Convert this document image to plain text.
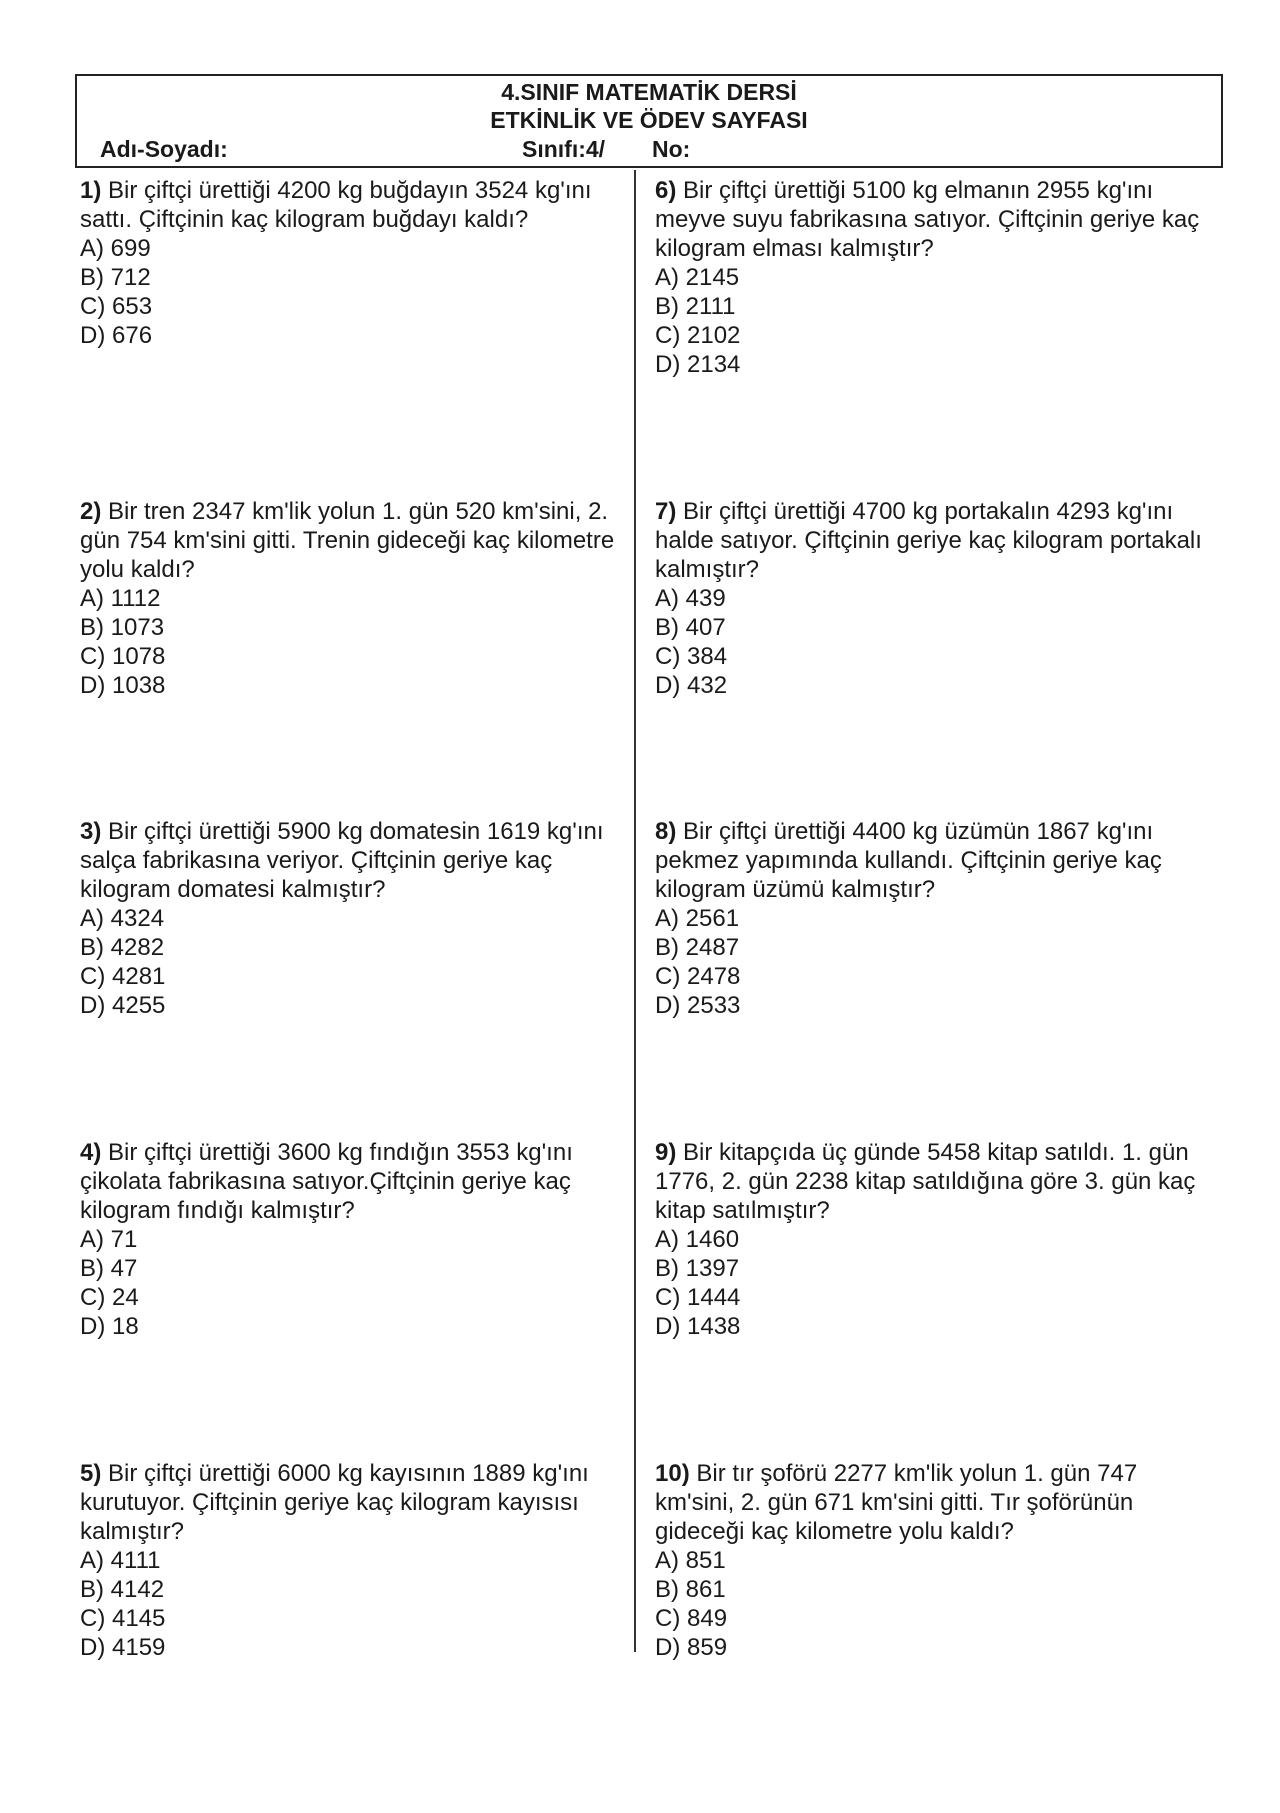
4.SINIF MATEMATİK DERSİ
ETKİNLİK VE ÖDEV SAYFASI
Adı-Soyadı:	Sınıfı:4/ No:

1) Bir çiftçi ürettiği 4200 kg buğdayın 3524 kg'ını sattı. Çiftçinin kaç kilogram buğdayı kaldı?

A) 699

B) 712

C) 653

D) 676

2) Bir tren 2347 km'lik yolun 1. gün 520 km'sini, 2. gün 754 km'sini gitti. Trenin gideceği kaç kilometre yolu kaldı?

A) 1112

B) 1073

C) 1078

D) 1038

3) Bir çiftçi ürettiği 5900 kg domatesin 1619 kg'ını salça fabrikasına veriyor. Çiftçinin geriye kaç kilogram domatesi kalmıştır?

A) 4324

B) 4282

C) 4281

D) 4255

4) Bir çiftçi ürettiği 3600 kg fındığın 3553 kg'ını çikolata fabrikasına satıyor.Çiftçinin geriye kaç kilogram fındığı kalmıştır?

A) 71

B) 47

C) 24

D) 18

5) Bir çiftçi ürettiği 6000 kg kayısının 1889 kg'ını kurutuyor. Çiftçinin geriye kaç kilogram kayısısı kalmıştır?

A) 4111

B) 4142

C) 4145

D) 4159

6) Bir çiftçi ürettiği 5100 kg elmanın 2955 kg'ını meyve suyu fabrikasına satıyor. Çiftçinin geriye kaç kilogram elması kalmıştır?

A) 2145

B) 2111

C) 2102

D) 2134

7) Bir çiftçi ürettiği 4700 kg portakalın 4293 kg'ını halde satıyor. Çiftçinin geriye kaç kilogram portakalı kalmıştır?

A) 439

B) 407

C) 384

D) 432

8) Bir çiftçi ürettiği 4400 kg üzümün 1867 kg'ını pekmez yapımında kullandı. Çiftçinin geriye kaç kilogram üzümü kalmıştır?

A) 2561

B) 2487

C) 2478

D) 2533

9) Bir kitapçıda üç günde 5458 kitap satıldı. 1. gün 1776, 2. gün 2238 kitap satıldığına göre 3. gün kaç kitap satılmıştır?

A) 1460

B) 1397

C) 1444

D) 1438

10) Bir tır şoförü 2277 km'lik yolun 1. gün 747 km'sini, 2. gün 671 km'sini gitti. Tır şoförünün gideceği kaç kilometre yolu kaldı?

A) 851

B) 861

C) 849

D) 859
